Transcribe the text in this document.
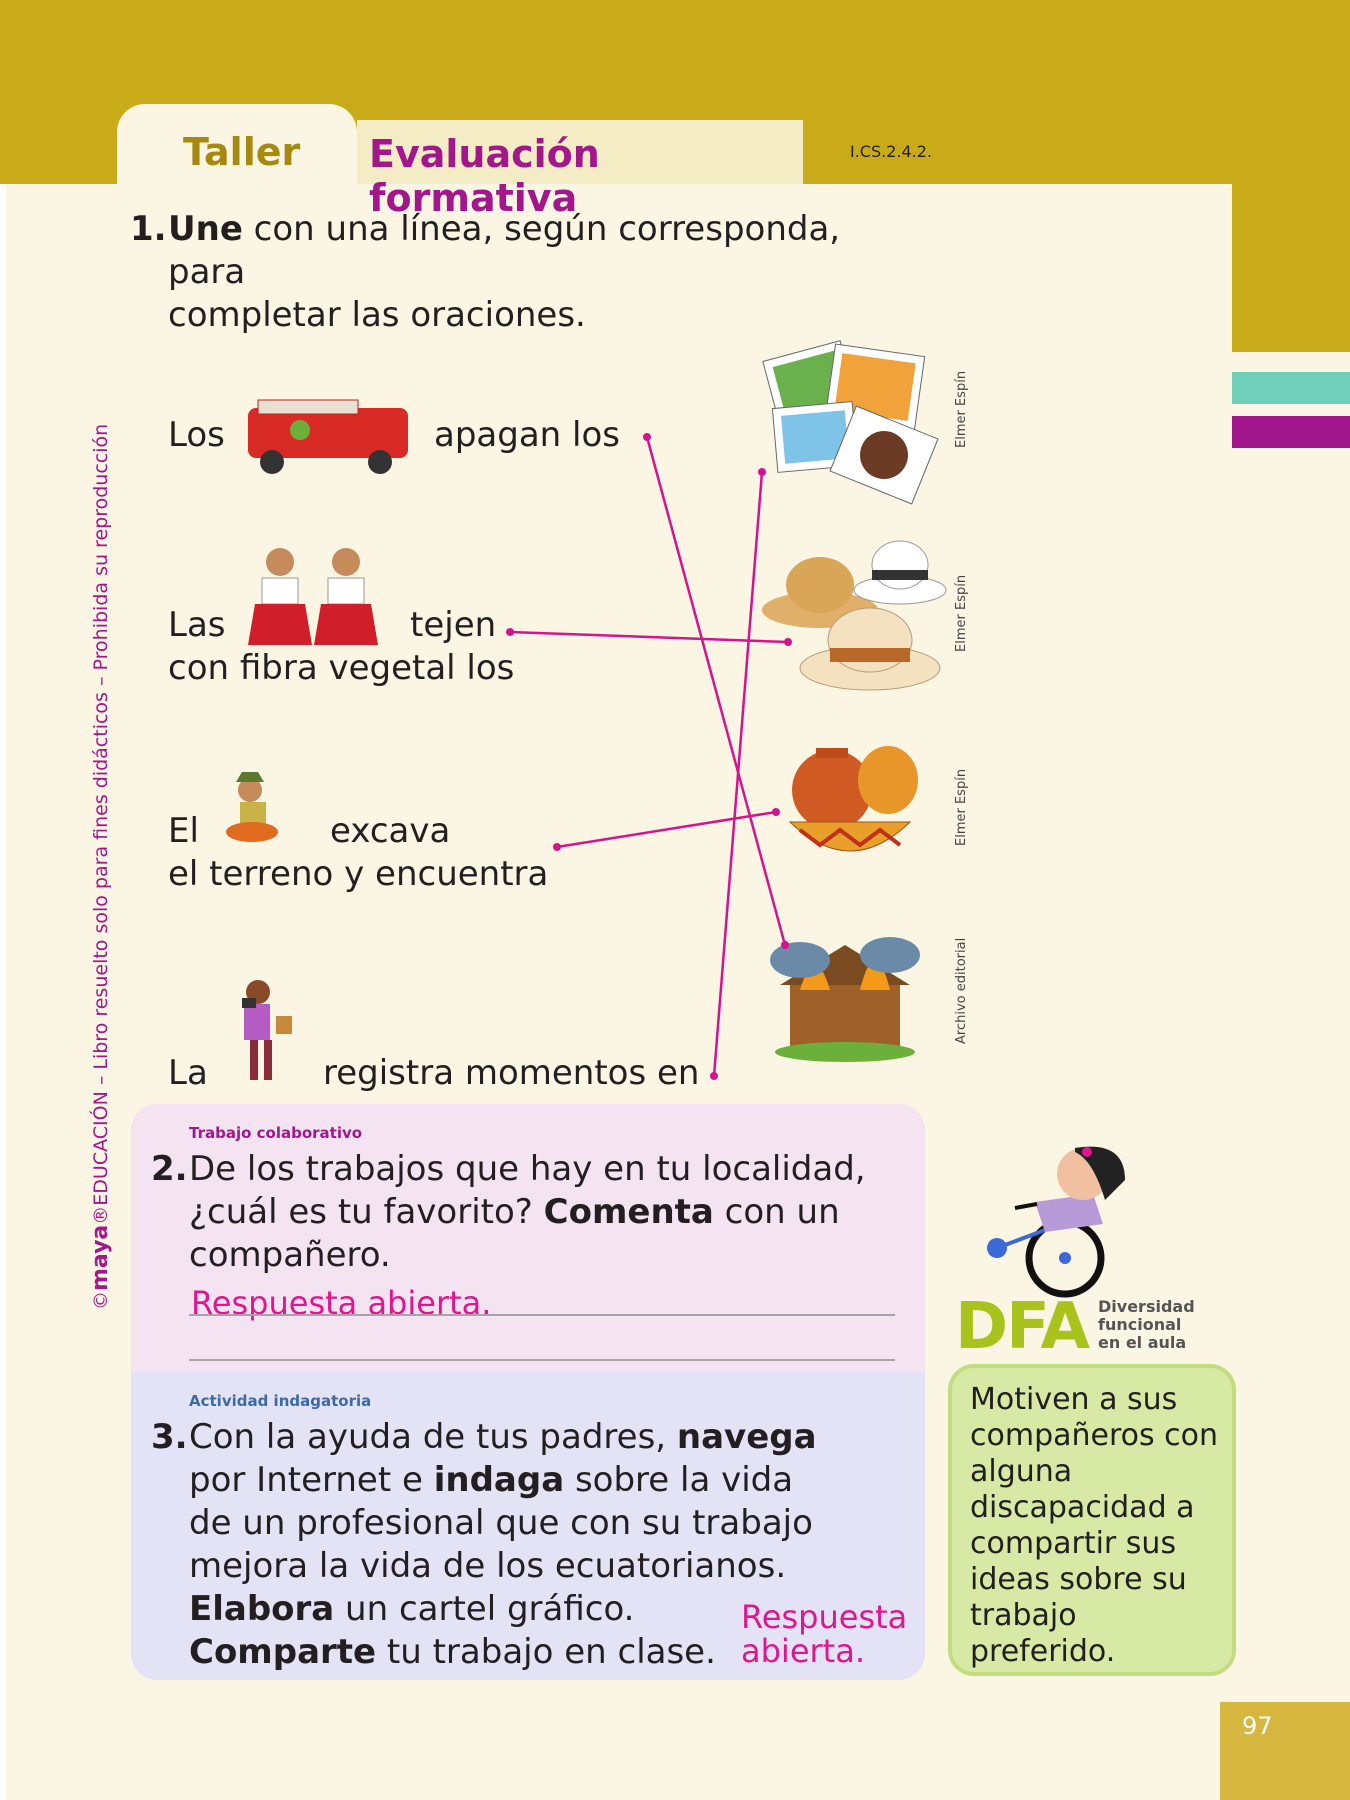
Taller Evaluación formativa
I.CS.2.4.2.
©maya®EDUCACIÓN – Libro resuelto solo para fines didácticos – Prohibida su reproducción
1. Une con una línea, según corresponda,
para
completar las oraciones.
Los	apagan los
Las	tejen
con fibra vegetal los
El	excava
el terreno y encuentra
La	registra momentos en
Elmer Espín
Elmer Espín
Elmer Espín
Archivo editorial
Trabajo colaborativo
2. De los trabajos que hay en tu localidad,
¿cuál es tu favorito? Comenta con un
compañero.
Respuesta abierta.
Actividad indagatoria
3. Con la ayuda de tus padres, navega
por Internet e indaga sobre la vida
de un profesional que con su trabajo
mejora la vida de los ecuatorianos.
Elabora un cartel gráfico.
Comparte tu trabajo en clase.
Respuesta
abierta.
DFA Diversidad
funcional
en el aula

Motiven a sus compañeros con alguna discapacidad a compartir sus ideas sobre su trabajo preferido.

97
